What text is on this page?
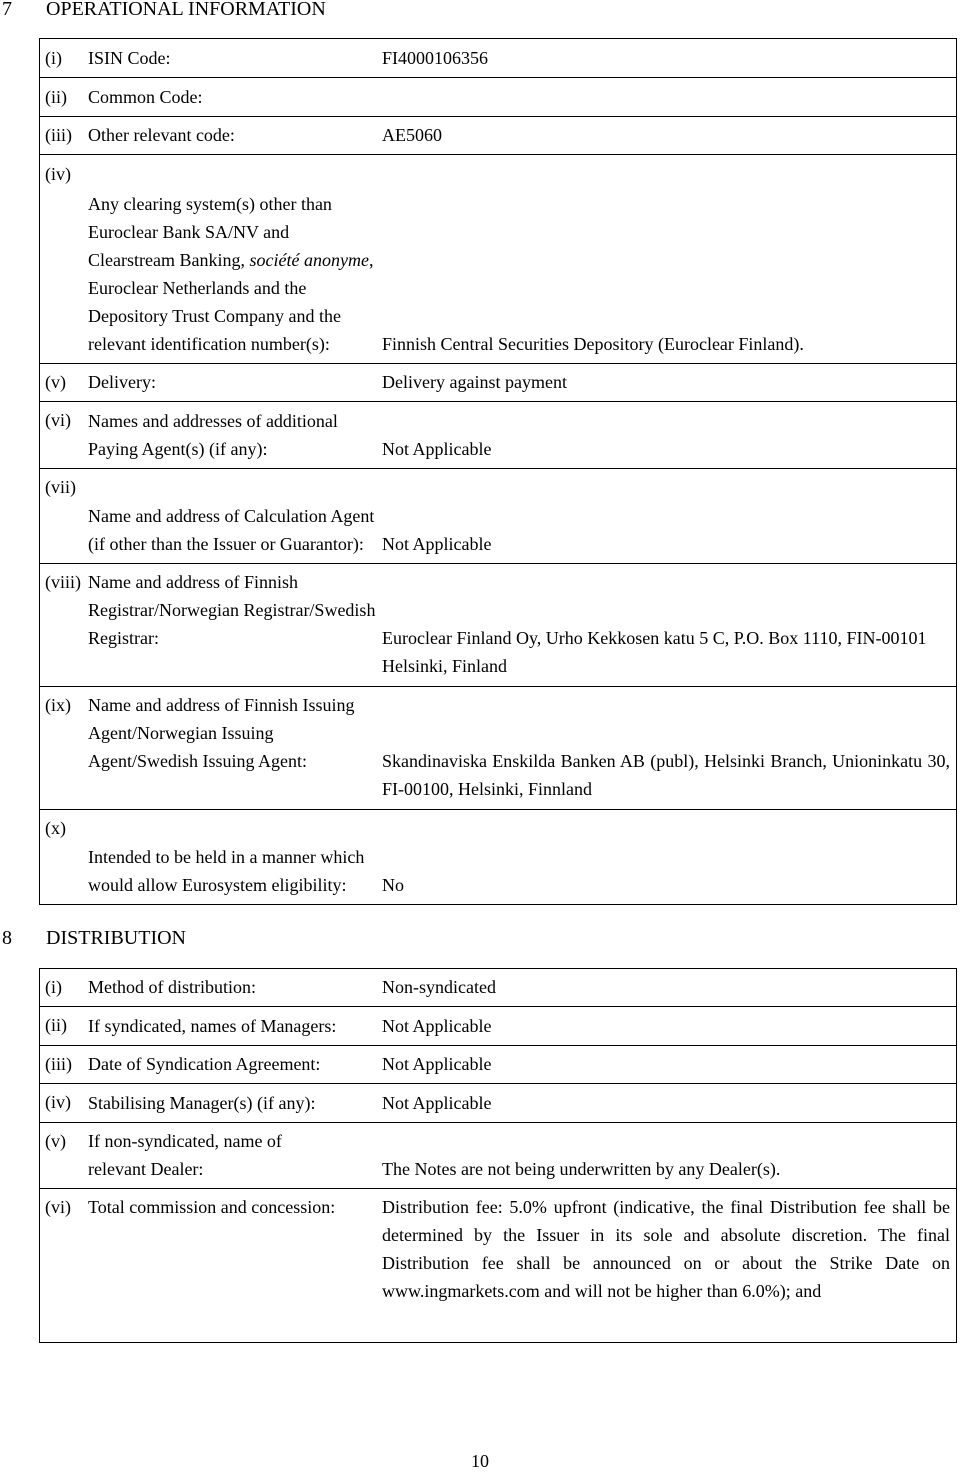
7 OPERATIONAL INFORMATION
(i) ISIN Code:	FI4000106356
(ii) Common Code:
(iii) Other relevant code:	AE5060
(iv)
Any clearing system(s) other than Euroclear Bank SA/NV and Clearstream Banking, société anonyme, Euroclear Netherlands and the Depository Trust Company and the relevant identification number(s):	Finnish Central Securities Depository (Euroclear Finland).
(v) Delivery:	Delivery against payment
(vi) Names and addresses of additional Paying Agent(s) (if any):	Not Applicable
(vii)
Name and address of Calculation Agent (if other than the Issuer or Guarantor):	Not Applicable
(viii) Name and address of Finnish Registrar/Norwegian Registrar/Swedish Registrar:	Euroclear Finland Oy, Urho Kekkosen katu 5 C, P.O. Box 1110, FIN-00101 Helsinki, Finland
(ix) Name and address of Finnish Issuing Agent/Norwegian Issuing Agent/Swedish Issuing Agent:	Skandinaviska Enskilda Banken AB (publ), Helsinki Branch, Unioninkatu 30, FI-00100, Helsinki, Finnland
(x)
Intended to be held in a manner which would allow Eurosystem eligibility:	No
8 DISTRIBUTION
(i) Method of distribution:	Non-syndicated
(ii) If syndicated, names of Managers:	Not Applicable
(iii) Date of Syndication Agreement:	Not Applicable
(iv) Stabilising Manager(s) (if any):	Not Applicable
(v) If non-syndicated, name of relevant Dealer:	The Notes are not being underwritten by any Dealer(s).
(vi) Total commission and concession:	Distribution fee: 5.0% upfront (indicative, the final Distribution fee shall be determined by the Issuer in its sole and absolute discretion. The final Distribution fee shall be announced on or about the Strike Date on www.ingmarkets.com and will not be higher than 6.0%); and
10
